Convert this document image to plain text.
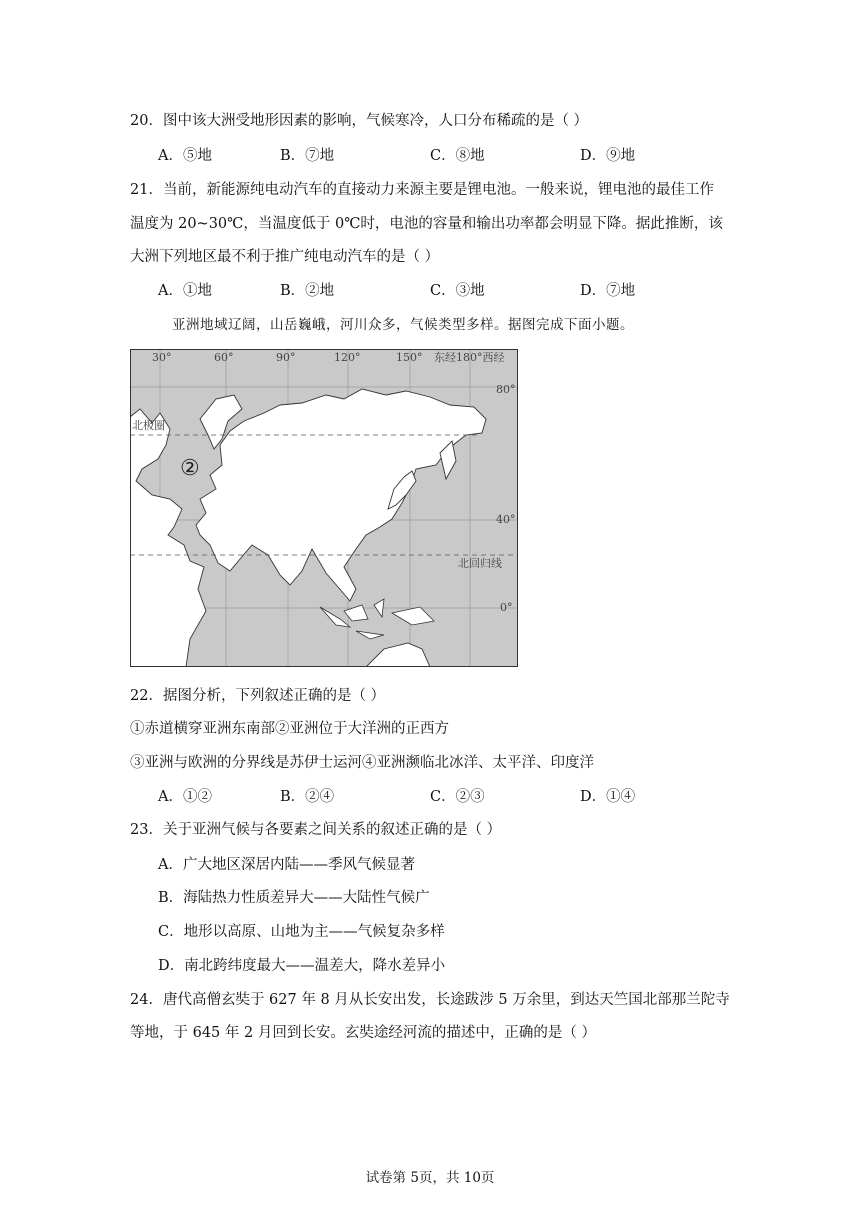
20．图中该大洲受地形因素的影响，气候寒冷，人口分布稀疏的是（ ）
A．⑤地	B．⑦地	C．⑧地	D．⑨地
21．当前，新能源纯电动汽车的直接动力来源主要是锂电池。一般来说，锂电池的最佳工作
温度为 20~30℃，当温度低于 0℃时，电池的容量和输出功率都会明显下降。据此推断，该
大洲下列地区最不利于推广纯电动汽车的是（ ）
A．①地	B．②地	C．③地	D．⑦地
亚洲地域辽阔，山岳巍峨，河川众多，气候类型多样。据图完成下面小题。
30°	60°	90°	120°	150° 东经180°西经
80°
40°
0°
北极圈
北回归线
②
22．据图分析，下列叙述正确的是（ ）
①赤道横穿亚洲东南部②亚洲位于大洋洲的正西方
③亚洲与欧洲的分界线是苏伊士运河④亚洲濒临北冰洋、太平洋、印度洋
A．①②	B．②④	C．②③	D．①④
23．关于亚洲气候与各要素之间关系的叙述正确的是（ ）
A．广大地区深居内陆——季风气候显著
B．海陆热力性质差异大——大陆性气候广
C．地形以高原、山地为主——气候复杂多样
D．南北跨纬度最大——温差大，降水差异小
24．唐代高僧玄奘于 627 年 8 月从长安出发，长途跋涉 5 万余里，到达天竺国北部那兰陀寺
等地，于 645 年 2 月回到长安。玄奘途经河流的描述中，正确的是（ ）
试卷第 5页，共 10页
